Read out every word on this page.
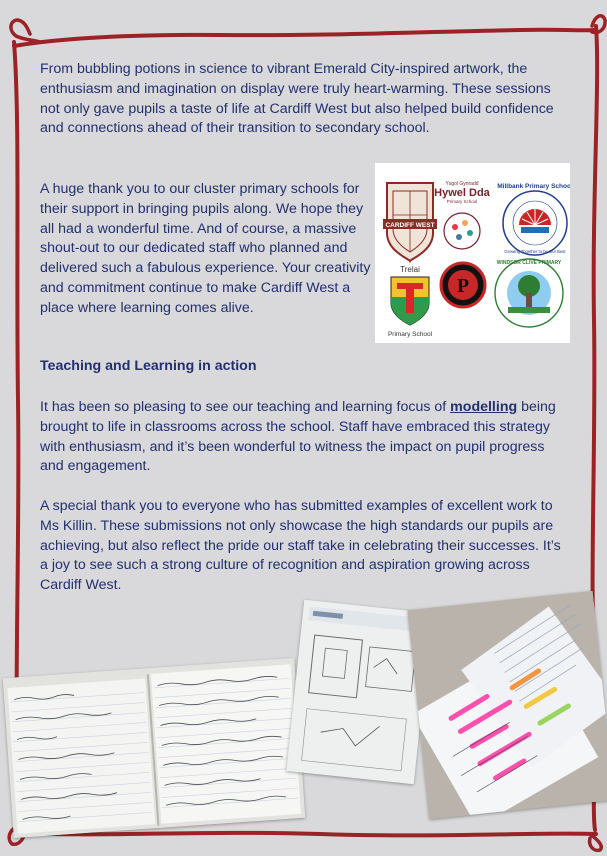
From bubbling potions in science to vibrant Emerald City-inspired artwork, the enthusiasm and imagination on display were truly heart-warming. These sessions not only gave pupils a taste of life at Cardiff West but also helped build confidence and connections ahead of their transition to secondary school.

A huge thank you to our cluster primary schools for their support in bringing pupils along. We hope they all had a wonderful time. And of course, a massive shout-out to our dedicated staff who planned and delivered such a fabulous experience. Your creativity and commitment continue to make Cardiff West a place where learning comes alive.

CARDIFF WEST
Ysgol Gynradd
Hywel Dda
Primary School
Millbank Primary School
Growing Together to be Our Best
Trelai
Primary School
P
WINDSOR CLIVE PRIMARY

Teaching and Learning in action

It has been so pleasing to see our teaching and learning focus of modelling being brought to life in classrooms across the school. Staff have embraced this strategy with enthusiasm, and it’s been wonderful to witness the impact on pupil progress and engagement.

A special thank you to everyone who has submitted examples of excellent work to Ms Killin. These submissions not only showcase the high standards our pupils are achieving, but also reflect the pride our staff take in celebrating their successes. It’s a joy to see such a strong culture of recognition and aspiration growing across Cardiff West.
